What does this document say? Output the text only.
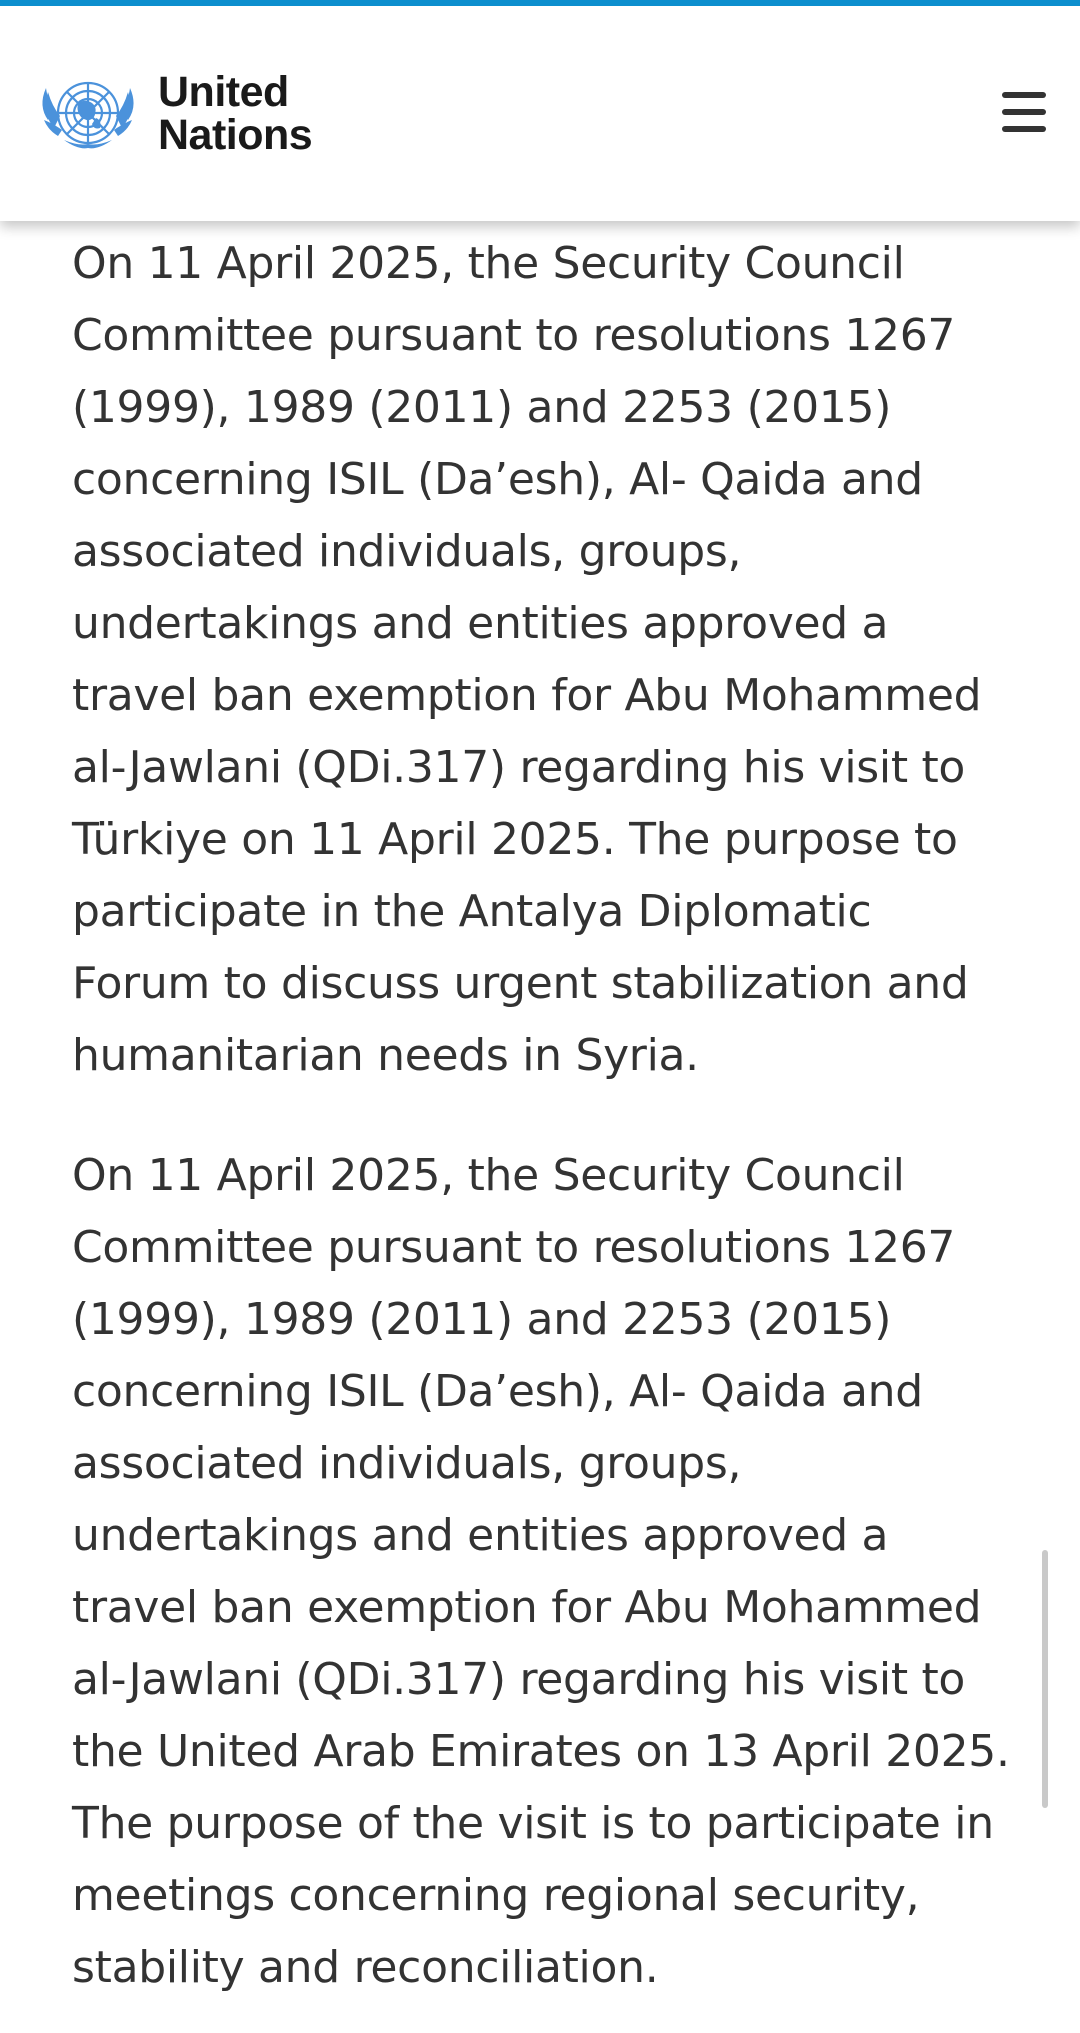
United
Nations

On 11 April 2025, the Security Council Committee pursuant to resolutions 1267 (1999), 1989 (2011) and 2253 (2015) concerning ISIL (Da’esh), Al- Qaida and associated individuals, groups, undertakings and entities approved a travel ban exemption for Abu Mohammed al-Jawlani (QDi.317) regarding his visit to Türkiye on 11 April 2025. The purpose to participate in the Antalya Diplomatic Forum to discuss urgent stabilization and humanitarian needs in Syria.

On 11 April 2025, the Security Council Committee pursuant to resolutions 1267 (1999), 1989 (2011) and 2253 (2015) concerning ISIL (Da’esh), Al- Qaida and associated individuals, groups, undertakings and entities approved a travel ban exemption for Abu Mohammed al-Jawlani (QDi.317) regarding his visit to the United Arab Emirates on 13 April 2025. The purpose of the visit is to participate in meetings concerning regional security, stability and reconciliation.
